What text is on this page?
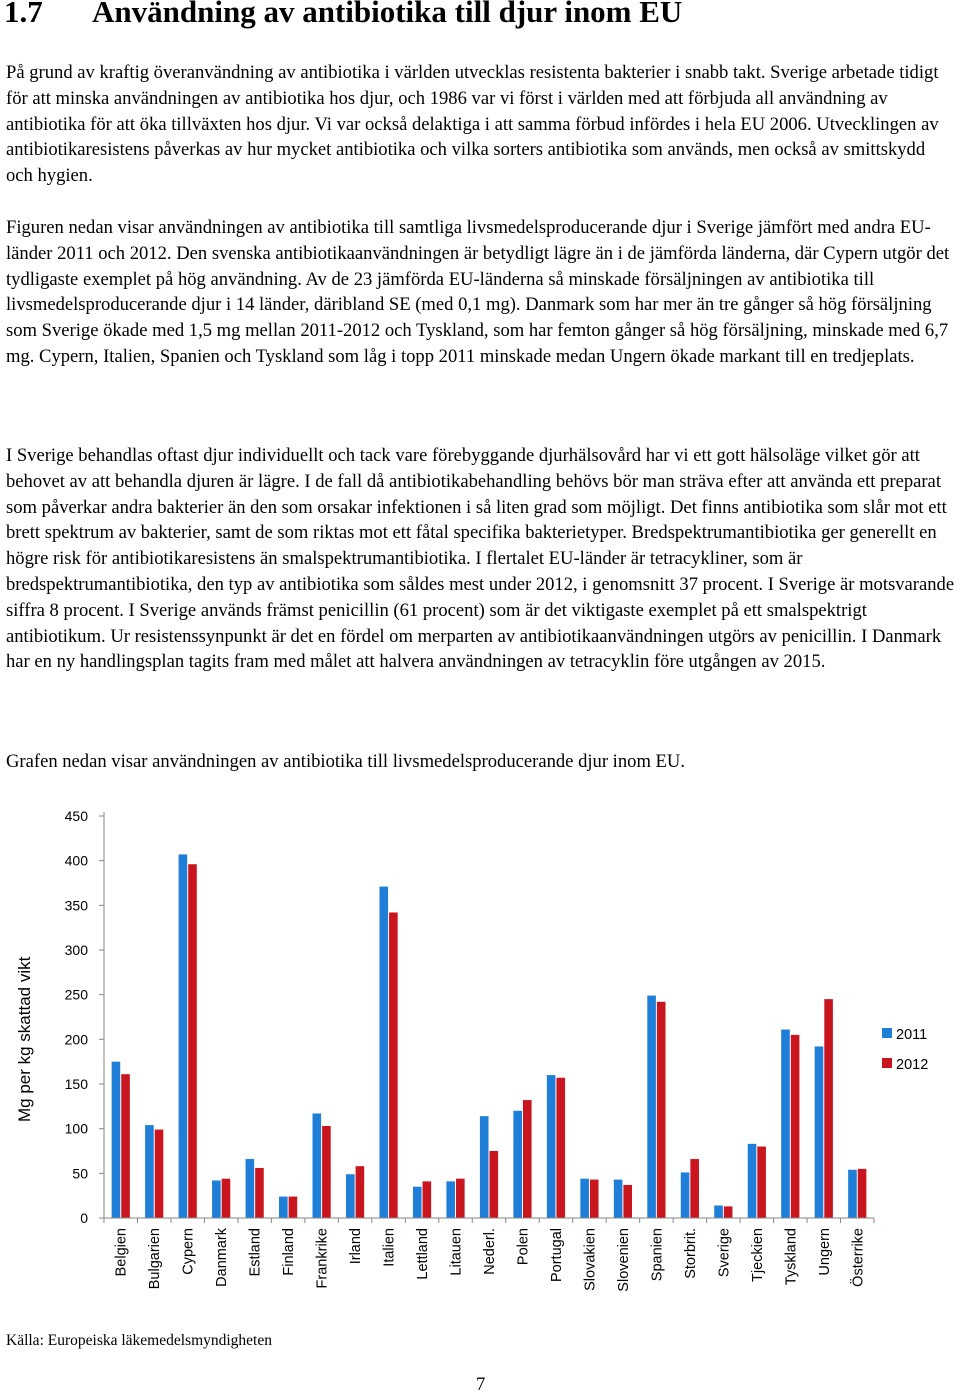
1.7 Användning av antibiotika till djur inom EU

På grund av kraftig överanvändning av antibiotika i världen utvecklas resistenta bakterier i snabb takt. Sverige arbetade tidigt för att minska användningen av antibiotika hos djur, och 1986 var vi först i världen med att förbjuda all användning av antibiotika för att öka tillväxten hos djur. Vi var också delaktiga i att samma förbud infördes i hela EU 2006. Utvecklingen av antibiotikaresistens påverkas av hur mycket antibiotika och vilka sorters antibiotika som används, men också av smittskydd och hygien.

Figuren nedan visar användningen av antibiotika till samtliga livsmedelsproducerande djur i Sverige jämfört med andra EU-länder 2011 och 2012. Den svenska antibiotikaanvändningen är betydligt lägre än i de jämförda länderna, där Cypern utgör det tydligaste exemplet på hög användning. Av de 23 jämförda EU-länderna så minskade försäljningen av antibiotika till livsmedelsproducerande djur i 14 länder, däribland SE (med 0,1 mg). Danmark som har mer än tre gånger så hög försäljning som Sverige ökade med 1,5 mg mellan 2011-2012 och Tyskland, som har femton gånger så hög försäljning, minskade med 6,7 mg. Cypern, Italien, Spanien och Tyskland som låg i topp 2011 minskade medan Ungern ökade markant till en tredjeplats.

I Sverige behandlas oftast djur individuellt och tack vare förebyggande djurhälsovård har vi ett gott hälsoläge vilket gör att behovet av att behandla djuren är lägre. I de fall då antibiotikabehandling behövs bör man sträva efter att använda ett preparat som påverkar andra bakterier än den som orsakar infektionen i så liten grad som möjligt. Det finns antibiotika som slår mot ett brett spektrum av bakterier, samt de som riktas mot ett fåtal specifika bakterietyper. Bredspektrumantibiotika ger generellt en högre risk för antibiotikaresistens än smalspektrumantibiotika. I flertalet EU-länder är tetracykliner, som är bredspektrumantibiotika, den typ av antibiotika som såldes mest under 2012, i genomsnitt 37 procent. I Sverige är motsvarande siffra 8 procent. I Sverige används främst penicillin (61 procent) som är det viktigaste exemplet på ett smalspektrigt antibiotikum. Ur resistenssynpunkt är det en fördel om merparten av antibiotikaanvändningen utgörs av penicillin. I Danmark har en ny handlingsplan tagits fram med målet att halvera användningen av tetracyklin före utgången av 2015.

Grafen nedan visar användningen av antibiotika till livsmedelsproducerande djur inom EU.

0
50
100
150
200
250
300
350
400
450
Mg per kg skattad vikt
Belgien Bulgarien Cypern Danmark Estland Finland Frankrike Irland Italien Lettland Litauen Nederl. Polen Portugal Slovakien Slovenien Spanien Storbrit. Sverige Tjeckien Tyskland Ungern Österrike
2011
2012

Källa: Europeiska läkemedelsmyndigheten

7
